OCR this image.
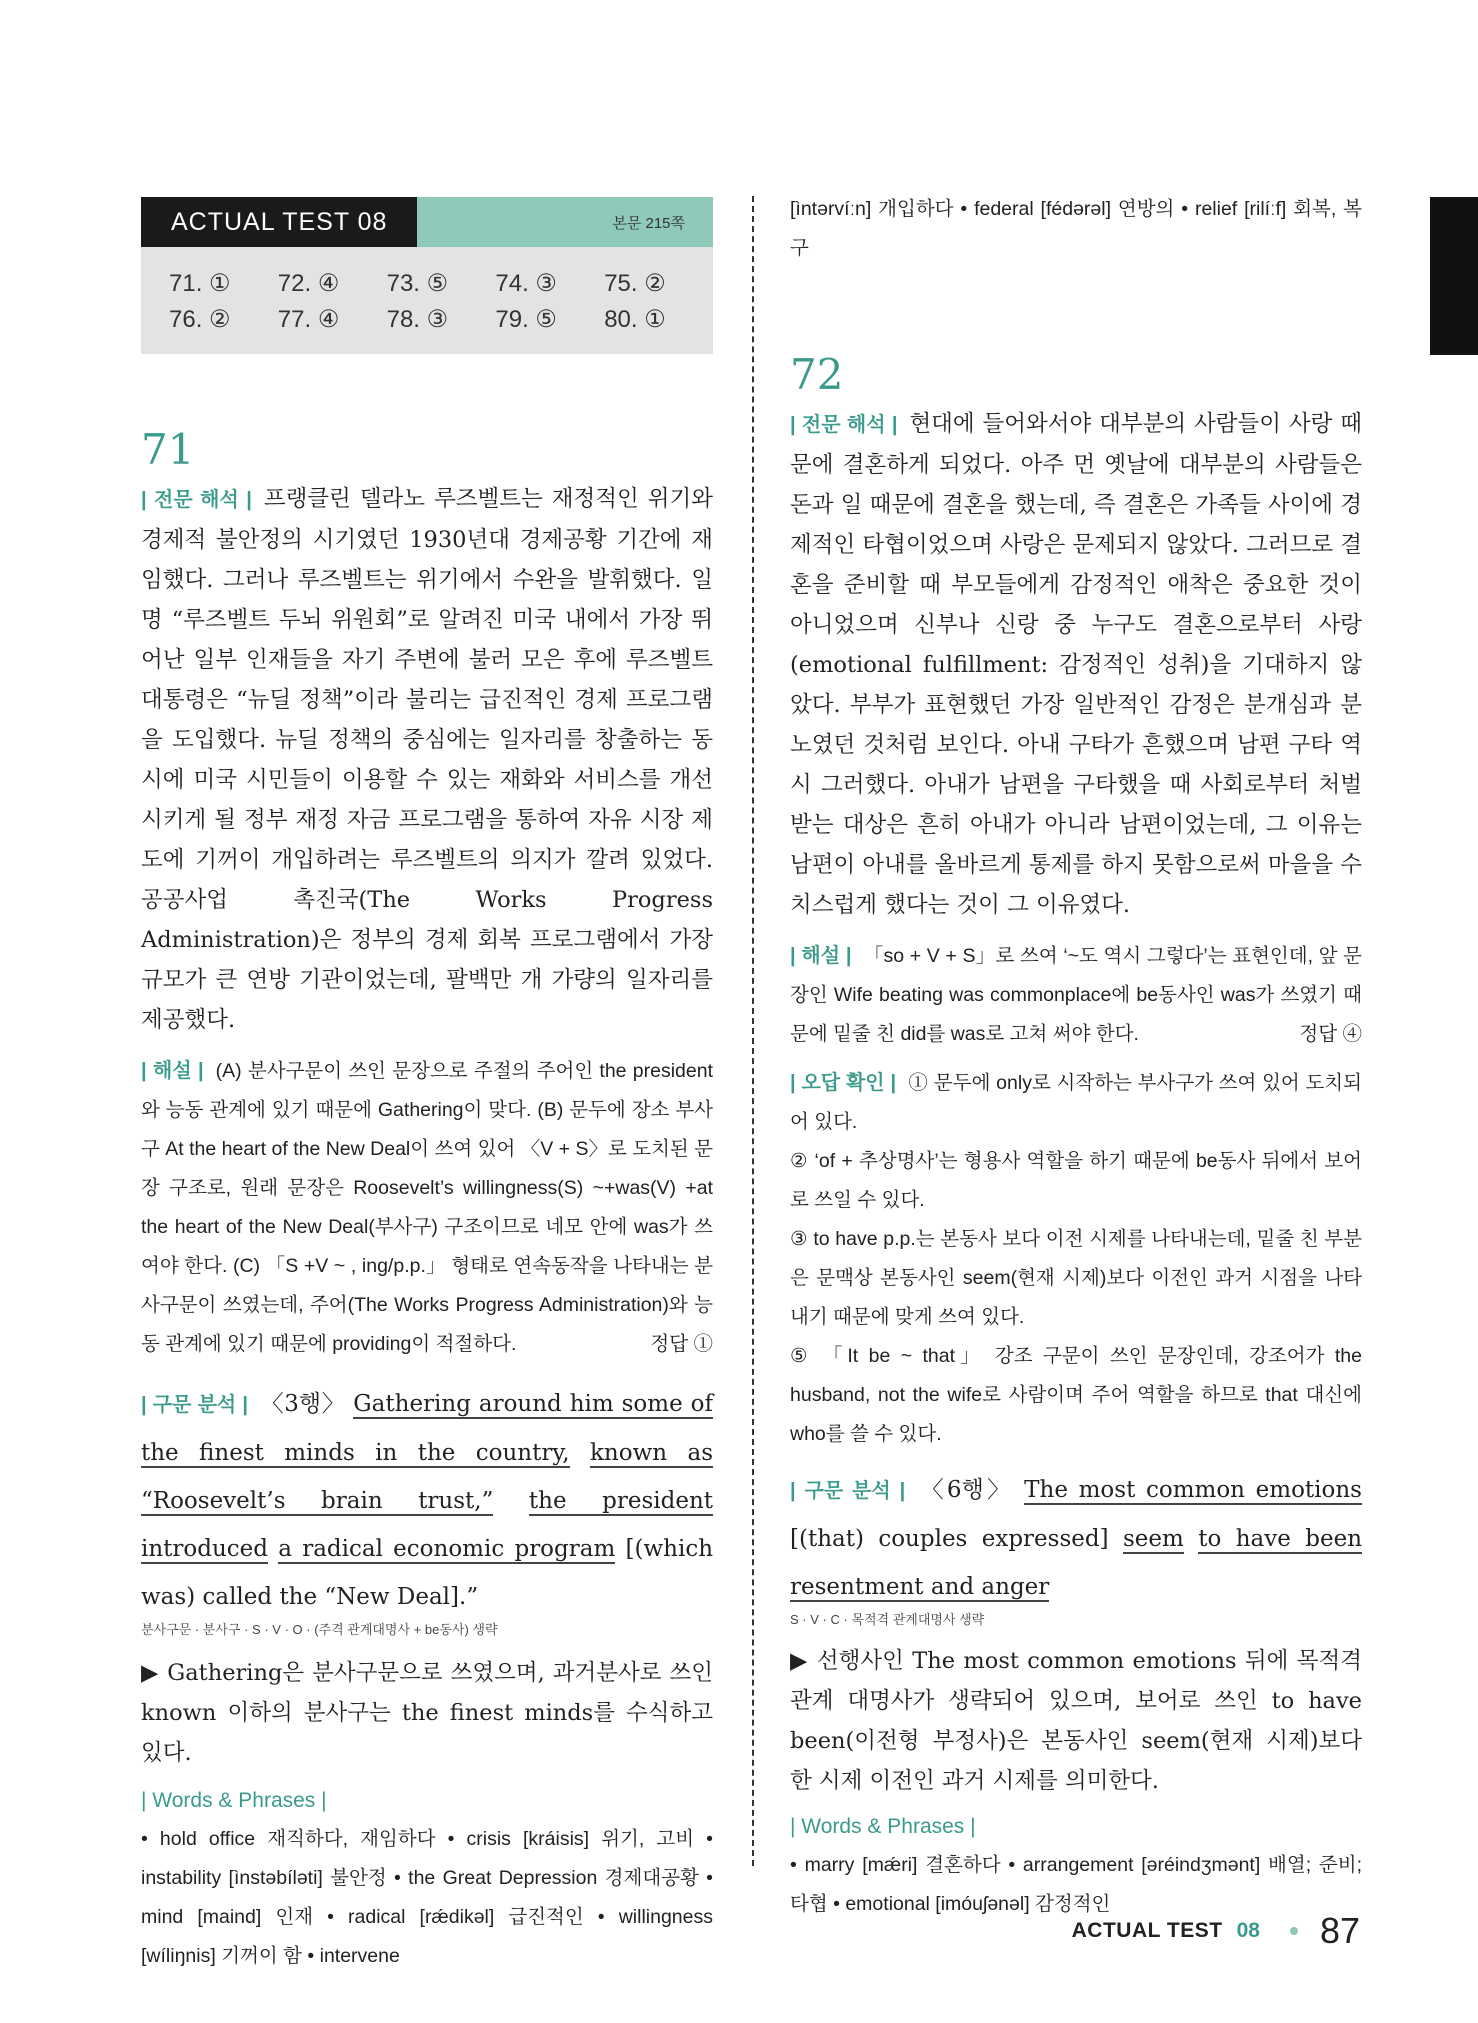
ACTUAL TEST 08	본문 215쪽
71. ①	72. ④	73. ⑤	74. ③	75. ②
76. ②	77. ④	78. ③	79. ⑤	80. ①
71

| 전문 해석 | 프랭클린 델라노 루즈벨트는 재정적인 위기와 경제적 불안정의 시기였던 1930년대 경제공황 기간에 재임했다. 그러나 루즈벨트는 위기에서 수완을 발휘했다. 일명 “루즈벨트 두뇌 위원회”로 알려진 미국 내에서 가장 뛰어난 일부 인재들을 자기 주변에 불러 모은 후에 루즈벨트 대통령은 “뉴딜 정책”이라 불리는 급진적인 경제 프로그램을 도입했다. 뉴딜 정책의 중심에는 일자리를 창출하는 동시에 미국 시민들이 이용할 수 있는 재화와 서비스를 개선시키게 될 정부 재정 자금 프로그램을 통하여 자유 시장 제도에 기꺼이 개입하려는 루즈벨트의 의지가 깔려 있었다. 공공사업 촉진국(The Works Progress Administration)은 정부의 경제 회복 프로그램에서 가장 규모가 큰 연방 기관이었는데, 팔백만 개 가량의 일자리를 제공했다.

| 해설 | (A) 분사구문이 쓰인 문장으로 주절의 주어인 the president와 능동 관계에 있기 때문에 Gathering이 맞다. (B) 문두에 장소 부사구 At the heart of the New Deal이 쓰여 있어 〈V + S〉로 도치된 문장 구조로, 원래 문장은 Roosevelt’s willingness(S) ~+was(V) +at the heart of the New Deal(부사구) 구조이므로 네모 안에 was가 쓰여야 한다. (C) 「S +V ~ , ing/p.p.」 형태로 연속동작을 나타내는 분사구문이 쓰였는데, 주어(The Works Progress Administration)와 능동 관계에 있기 때문에 providing이 적절하다.	정답 ①

| 구문 분석 | 〈3행〉 Gathering around him some of the finest minds in the country, known as “Roosevelt’s brain trust,” the president introduced a radical economic program [(which was) called the “New Deal].”
분사구문 · 분사구 · S · V · O · (주격 관계대명사 + be동사) 생략

▶ Gathering은 분사구문으로 쓰였으며, 과거분사로 쓰인 known 이하의 분사구는 the finest minds를 수식하고 있다.

| Words & Phrases |
• hold office 재직하다, 재임하다 • crisis [kráisis] 위기, 고비 • instability [ìnstəbíləti] 불안정 • the Great Depression 경제대공황 • mind [maind] 인재 • radical [rǽdikəl] 급진적인 • willingness [wíliŋnis] 기꺼이 함 • intervene
[ìntərvíːn] 개입하다 • federal [fédərəl] 연방의 • relief [rilíːf] 회복, 복구
72

| 전문 해석 | 현대에 들어와서야 대부분의 사람들이 사랑 때문에 결혼하게 되었다. 아주 먼 옛날에 대부분의 사람들은 돈과 일 때문에 결혼을 했는데, 즉 결혼은 가족들 사이에 경제적인 타협이었으며 사랑은 문제되지 않았다. 그러므로 결혼을 준비할 때 부모들에게 감정적인 애착은 중요한 것이 아니었으며 신부나 신랑 중 누구도 결혼으로부터 사랑(emotional fulfillment: 감정적인 성취)을 기대하지 않았다. 부부가 표현했던 가장 일반적인 감정은 분개심과 분노였던 것처럼 보인다. 아내 구타가 흔했으며 남편 구타 역시 그러했다. 아내가 남편을 구타했을 때 사회로부터 처벌받는 대상은 흔히 아내가 아니라 남편이었는데, 그 이유는 남편이 아내를 올바르게 통제를 하지 못함으로써 마을을 수치스럽게 했다는 것이 그 이유였다.

| 해설 | 「so + V + S」로 쓰여 ‘~도 역시 그렇다’는 표현인데, 앞 문장인 Wife beating was commonplace에 be동사인 was가 쓰였기 때문에 밑줄 친 did를 was로 고쳐 써야 한다.	정답 ④

| 오답 확인 | ① 문두에 only로 시작하는 부사구가 쓰여 있어 도치되어 있다.
② ‘of + 추상명사’는 형용사 역할을 하기 때문에 be동사 뒤에서 보어로 쓰일 수 있다.
③ to have p.p.는 본동사 보다 이전 시제를 나타내는데, 밑줄 친 부분은 문맥상 본동사인 seem(현재 시제)보다 이전인 과거 시점을 나타내기 때문에 맞게 쓰여 있다.
⑤ 「It be ~ that」 강조 구문이 쓰인 문장인데, 강조어가 the husband, not the wife로 사람이며 주어 역할을 하므로 that 대신에 who를 쓸 수 있다.
| 구문 분석 | 〈6행〉 The most common emotions [(that) couples expressed] seem to have been resentment and anger
S · V · C · 목적격 관계대명사 생략

▶ 선행사인 The most common emotions 뒤에 목적격 관계 대명사가 생략되어 있으며, 보어로 쓰인 to have been(이전형 부정사)은 본동사인 seem(현재 시제)보다 한 시제 이전인 과거 시제를 의미한다.

| Words & Phrases |
• marry [mǽri] 결혼하다 • arrangement [əréindʒmənt] 배열; 준비; 타협 • emotional [imóuʃənəl] 감정적인
ACTUAL TEST 08 87
